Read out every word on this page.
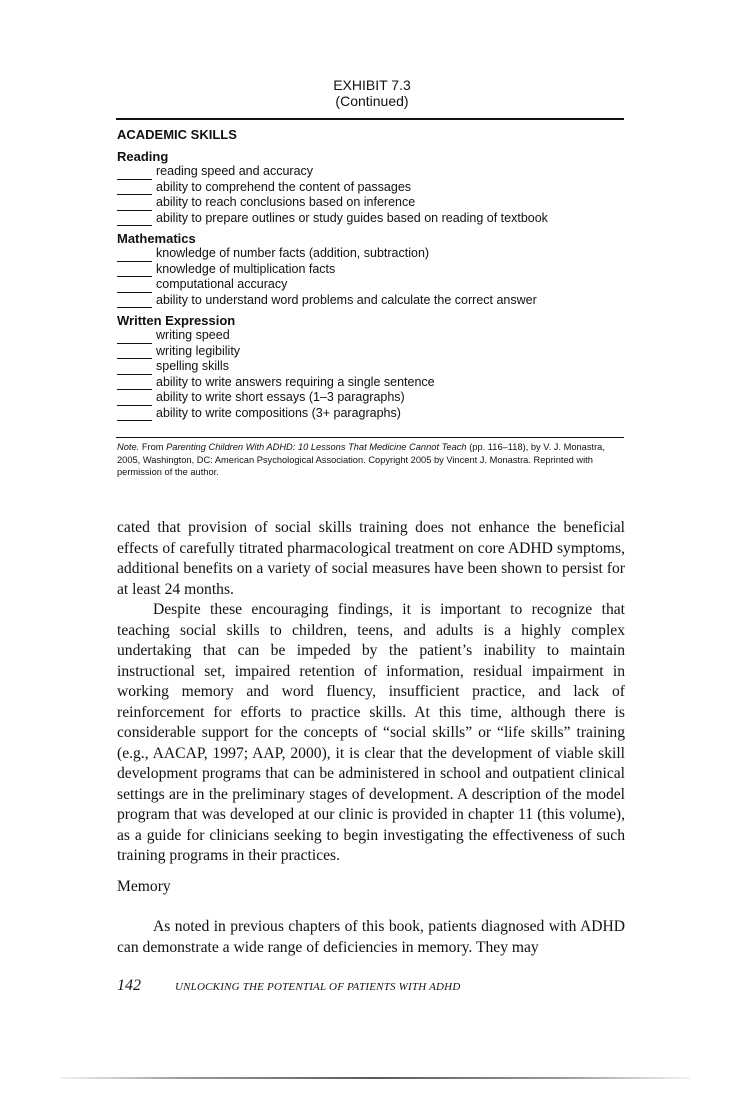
EXHIBIT 7.3
(Continued)
ACADEMIC SKILLS
Reading
reading speed and accuracy
ability to comprehend the content of passages
ability to reach conclusions based on inference
ability to prepare outlines or study guides based on reading of textbook
Mathematics
knowledge of number facts (addition, subtraction)
knowledge of multiplication facts
computational accuracy
ability to understand word problems and calculate the correct answer
Written Expression
writing speed
writing legibility
spelling skills
ability to write answers requiring a single sentence
ability to write short essays (1–3 paragraphs)
ability to write compositions (3+ paragraphs)
Note. From Parenting Children With ADHD: 10 Lessons That Medicine Cannot Teach (pp. 116–118), by V. J. Monastra, 2005, Washington, DC: American Psychological Association. Copyright 2005 by Vincent J. Monastra. Reprinted with permission of the author.

cated that provision of social skills training does not enhance the beneficial effects of carefully titrated pharmacological treatment on core ADHD symptoms, additional benefits on a variety of social measures have been shown to persist for at least 24 months.

Despite these encouraging findings, it is important to recognize that teaching social skills to children, teens, and adults is a highly complex undertaking that can be impeded by the patient’s inability to maintain instructional set, impaired retention of information, residual impairment in working memory and word fluency, insufficient practice, and lack of reinforcement for efforts to practice skills. At this time, although there is considerable support for the concepts of “social skills” or “life skills” training (e.g., AACAP, 1997; AAP, 2000), it is clear that the development of viable skill development programs that can be administered in school and outpatient clinical settings are in the preliminary stages of development. A description of the model program that was developed at our clinic is provided in chapter 11 (this volume), as a guide for clinicians seeking to begin investigating the effectiveness of such training programs in their practices.

Memory

As noted in previous chapters of this book, patients diagnosed with ADHD can demonstrate a wide range of deficiencies in memory. They may

142	UNLOCKING THE POTENTIAL OF PATIENTS WITH ADHD
